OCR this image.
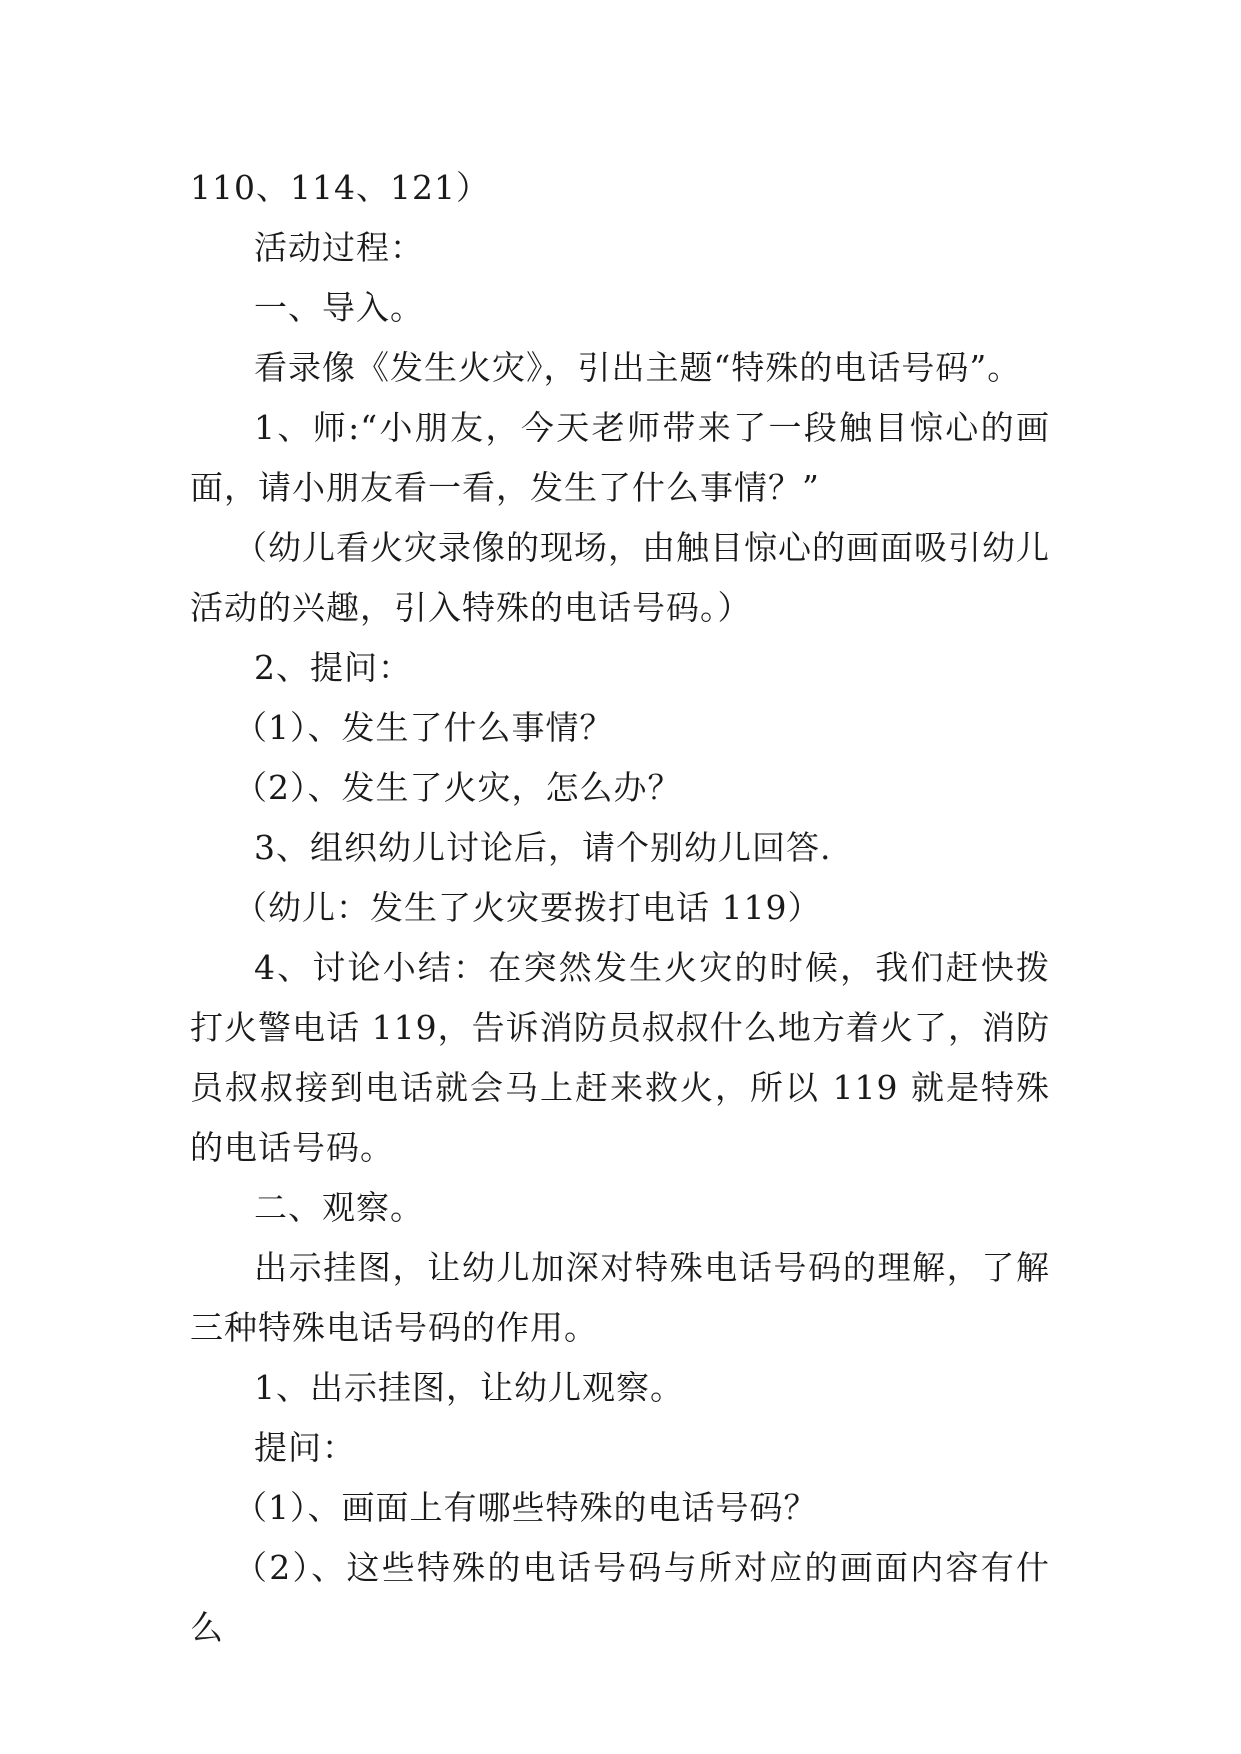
110、114、121）

活动过程：

一、导入。

看录像《发生火灾》，引出主题“特殊的电话号码”。

1、师:“小朋友，今天老师带来了一段触目惊心的画面，请小朋友看一看，发生了什么事情？”

（幼儿看火灾录像的现场，由触目惊心的画面吸引幼儿活动的兴趣，引入特殊的电话号码。）

2、提问：

（1）、发生了什么事情？

（2）、发生了火灾，怎么办？

3、组织幼儿讨论后，请个别幼儿回答.

（幼儿：发生了火灾要拨打电话 119）

4、讨论小结：在突然发生火灾的时候，我们赶快拨打火警电话 119，告诉消防员叔叔什么地方着火了，消防员叔叔接到电话就会马上赶来救火，所以 119 就是特殊的电话号码。

二、观察。

出示挂图，让幼儿加深对特殊电话号码的理解，了解三种特殊电话号码的作用。

1、出示挂图，让幼儿观察。

提问：

（1）、画面上有哪些特殊的电话号码？

（2）、这些特殊的电话号码与所对应的画面内容有什么
